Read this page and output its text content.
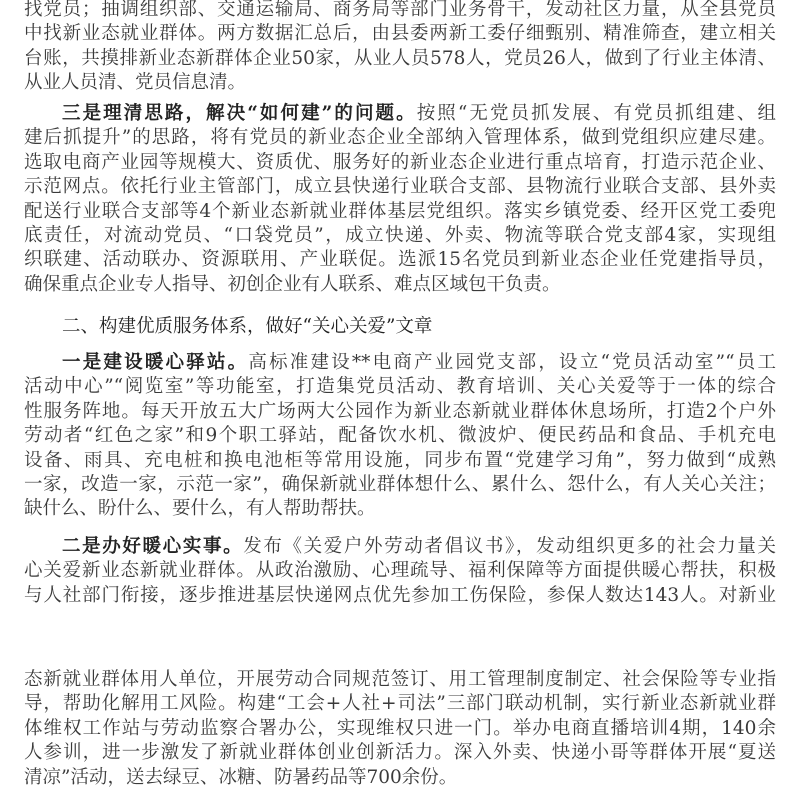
找党员；抽调组织部、交通运输局、商务局等部门业务骨干，发动社区力量，从全县党员
中找新业态就业群体。两方数据汇总后，由县委两新工委仔细甄别、精准筛查，建立相关
台账，共摸排新业态新群体企业50家，从业人员578人，党员26人，做到了行业主体清、
从业人员清、党员信息清。
三是理清思路，解决“如何建”的问题。按照“无党员抓发展、有党员抓组建、组
建后抓提升”的思路，将有党员的新业态企业全部纳入管理体系，做到党组织应建尽建。
选取电商产业园等规模大、资质优、服务好的新业态企业进行重点培育，打造示范企业、
示范网点。依托行业主管部门，成立县快递行业联合支部、县物流行业联合支部、县外卖
配送行业联合支部等4个新业态新就业群体基层党组织。落实乡镇党委、经开区党工委兜
底责任，对流动党员、“口袋党员”，成立快递、外卖、物流等联合党支部4家，实现组
织联建、活动联办、资源联用、产业联促。选派15名党员到新业态企业任党建指导员，
确保重点企业专人指导、初创企业有人联系、难点区域包干负责。
二、构建优质服务体系，做好“关心关爱”文章
一是建设暖心驿站。高标准建设**电商产业园党支部，设立“党员活动室”“员工
活动中心”“阅览室”等功能室，打造集党员活动、教育培训、关心关爱等于一体的综合
性服务阵地。每天开放五大广场两大公园作为新业态新就业群体休息场所，打造2个户外
劳动者“红色之家”和9个职工驿站，配备饮水机、微波炉、便民药品和食品、手机充电
设备、雨具、充电桩和换电池柜等常用设施，同步布置“党建学习角”，努力做到“成熟
一家，改造一家，示范一家”，确保新就业群体想什么、累什么、怨什么，有人关心关注；
缺什么、盼什么、要什么，有人帮助帮扶。
二是办好暖心实事。发布《关爱户外劳动者倡议书》，发动组织更多的社会力量关
心关爱新业态新就业群体。从政治激励、心理疏导、福利保障等方面提供暖心帮扶，积极
与人社部门衔接，逐步推进基层快递网点优先参加工伤保险，参保人数达143人。对新业
态新就业群体用人单位，开展劳动合同规范签订、用工管理制度制定、社会保险等专业指
导，帮助化解用工风险。构建“工会+人社+司法”三部门联动机制，实行新业态新就业群
体维权工作站与劳动监察合署办公，实现维权只进一门。举办电商直播培训4期，140余
人参训，进一步激发了新就业群体创业创新活力。深入外卖、快递小哥等群体开展“夏送
清凉”活动，送去绿豆、冰糖、防暑药品等700余份。
